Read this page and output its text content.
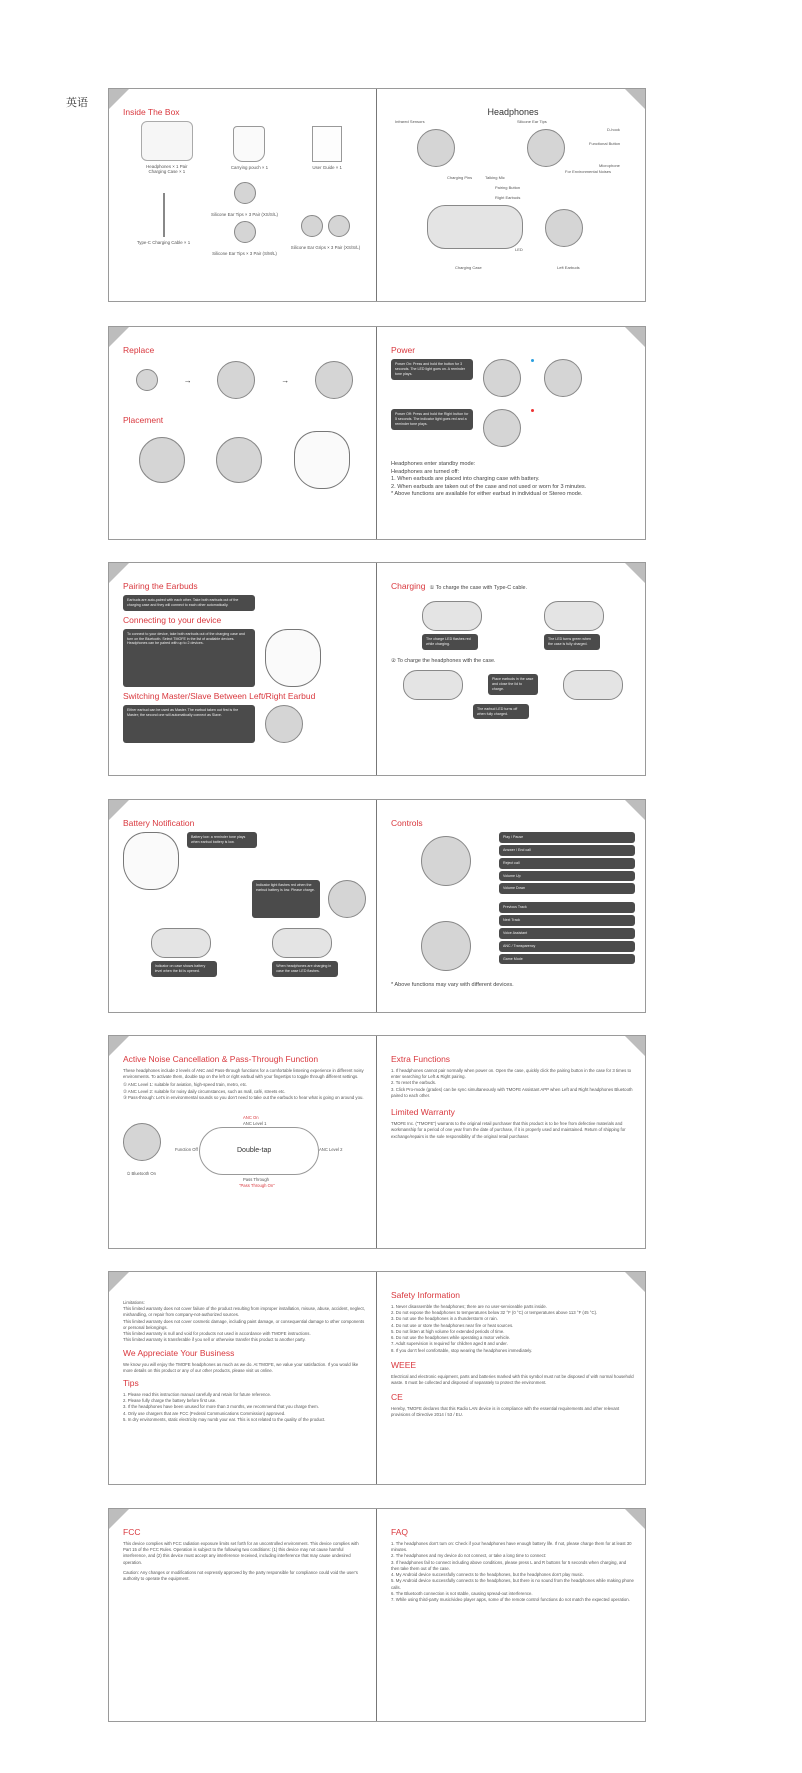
英语
Inside The Box
Headphones × 1 Pair
Charging Case × 1
Carrying pouch × 1	User Guide × 1
Type-C Charging Cable × 1
Silicone Ear Tips × 3 Pair (XS/S/L)
Silicone Ear Tips × 3 Pair (S/M/L)

Silicone Ear Grips × 3 Pair (XS/S/L)
Headphones
Infrared Sensors	Silicone Ear Tips
D-hook
Functional Button
Microphone
For Environmental Noises
Charging Pins	Talking Mic
Pairing Button
Right Earbuds
LED
Charging Case	Left Earbuds
Replace
→	→
Placement
Power
Power On: Press and hold the button for 3 seconds. The LED light goes on. A reminder tone plays.
Power Off: Press and hold the Right button for 5 seconds. The indicator light goes red and a reminder tone plays.
Headphones enter standby mode:
Headphones are turned off:
1. When earbuds are placed into charging case with battery.
2. When earbuds are taken out of the case and not used or worn for 3 minutes.
* Above functions are available for either earbud in individual or Stereo mode.
Pairing the Earbuds
Earbuds are auto-paired with each other. Take both earbuds out of the charging case and they will connect to each other automatically.
Connecting to your device
To connect to your device, take both earbuds out of the charging case and turn on the Bluetooth. Select TMOFE in the list of available devices. Headphones can be paired with up to 2 devices.
Switching Master/Slave Between Left/Right Earbud
Either earbud can be used as Master. The earbud taken out first is the Master; the second one will automatically connect as Slave.
Charging ① To charge the case with Type-C cable.
The charge LED flashes red while charging.
The LED turns green when the case is fully charged.
② To charge the headphones with the case.
Place earbuds in the case and close the lid to charge.
The earbud LED turns off when fully charged.
Battery Notification
Battery low: a reminder tone plays when earbud battery is low.
Indicator light flashes red when the earbud battery is low. Please charge.
Indicator on case shows battery level when the lid is opened.
When headphones are charging in case the case LED flashes.
Controls

Play / Pause
Answer / End call
Reject call
Volume Up
Volume Down
Previous Track
Next Track
Voice Assistant
ANC / Transparency
Game Mode
* Above functions may vary with different devices.
Active Noise Cancellation & Pass-Through Function
These headphones include 2 levels of ANC and Pass-through functions for a comfortable listening experience in different noisy environments. To activate them, double tap on the left or right earbud with your fingertips to toggle through different settings.
① ANC Level 1: suitable for aviation, high-speed train, metro, etc.
② ANC Level 2: suitable for noisy daily circumstances, such as mall, café, streets etc.
③ Pass-through: Let's in environmental sounds so you don't need to take out the earbuds to hear what is going on around you.
⏻ Bluetooth On
Double-tap
ANC On
ANC Level 1
ANC Level 2
Function Off
Pass Through
"Pass Through On"
Extra Functions
1. If headphones cannot pair normally when power on. Open the case, quickly click the pairing button in the case for 3 times to enter searching for Left & Right pairing.
2. To reset the earbuds.
3. Click Pro-mode (grades) can be sync simultaneously with TMOFE Assistant APP when Left and Right headphones Bluetooth paired to each other.
Limited Warranty
TMOFE Inc. ("TMOFE") warrants to the original retail purchaser that this product is to be free from defective materials and workmanship for a period of one year from the date of purchase, if it is properly used and maintained. Return of shipping for exchange/repairs is the sole responsibility of the original retail purchaser.
Limitations:
This limited warranty does not cover failure of the product resulting from improper installation, misuse, abuse, accident, neglect, mishandling, or repair from company-not-authorized sources.
This limited warranty does not cover cosmetic damage, including paint damage, or consequential damage to other components or personal belongings.
This limited warranty is null and void for products not used in accordance with TMOFE instructions.
This limited warranty is transferable if you sell or otherwise transfer this product to another party.
We Appreciate Your Business
We know you will enjoy the TMOFE headphones as much as we do. At TMOFE, we value your satisfaction. If you would like more details on this product or any of our other products, please visit us online.
Tips
1. Please read this instruction manual carefully and retain for future reference.
2. Please fully charge the battery before first use.
3. If the headphones have been unused for more than 3 months, we recommend that you charge them.
4. Only use chargers that are FCC (Federal Communications Commission) approved.
5. In dry environments, static electricity may numb your ear. This is not related to the quality of the product.
Safety Information
1. Never disassemble the headphones; there are no user-serviceable parts inside.
2. Do not expose the headphones to temperatures below 32 °F (0 °C) or temperatures above 113 °F (45 °C).
3. Do not use the headphones in a thunderstorm or rain.
4. Do not use or store the headphones near fire or heat sources.
5. Do not listen at high volume for extended periods of time.
6. Do not use the headphones while operating a motor vehicle.
7. Adult supervision is required for children aged 8 and under.
8. If you don't feel comfortable, stop wearing the headphones immediately.
WEEE
Electrical and electronic equipment, parts and batteries marked with this symbol must not be disposed of with normal household waste. It must be collected and disposed of separately to protect the environment.
CE
Hereby, TMOFE declares that this Radio LAN device is in compliance with the essential requirements and other relevant provisions of Directive 2014 / 53 / EU.
FCC
This device complies with FCC radiation exposure limits set forth for an uncontrolled environment. This device complies with Part 15 of the FCC Rules. Operation is subject to the following two conditions: (1) this device may not cause harmful interference, and (2) this device must accept any interference received, including interference that may cause undesired operation.
Caution: Any changes or modifications not expressly approved by the party responsible for compliance could void the user's authority to operate the equipment.
FAQ
1. The headphones don't turn on: Check if your headphones have enough battery life. If not, please charge them for at least 30 minutes.
2. The headphones and my device do not connect, or take a long time to connect:
3. If headphones fail to connect including above conditions, please press L and R buttons for 5 seconds when charging, and then take them out of the case.
4. My Android device successfully connects to the headphones, but the headphones don't play music.
5. My Android device successfully connects to the headphones, but there is no sound from the headphones while making phone calls.
6. The Bluetooth connection is not stable, causing spread-out interference.
7. While using third-party music/video player apps, some of the remote control functions do not match the expected operation.
